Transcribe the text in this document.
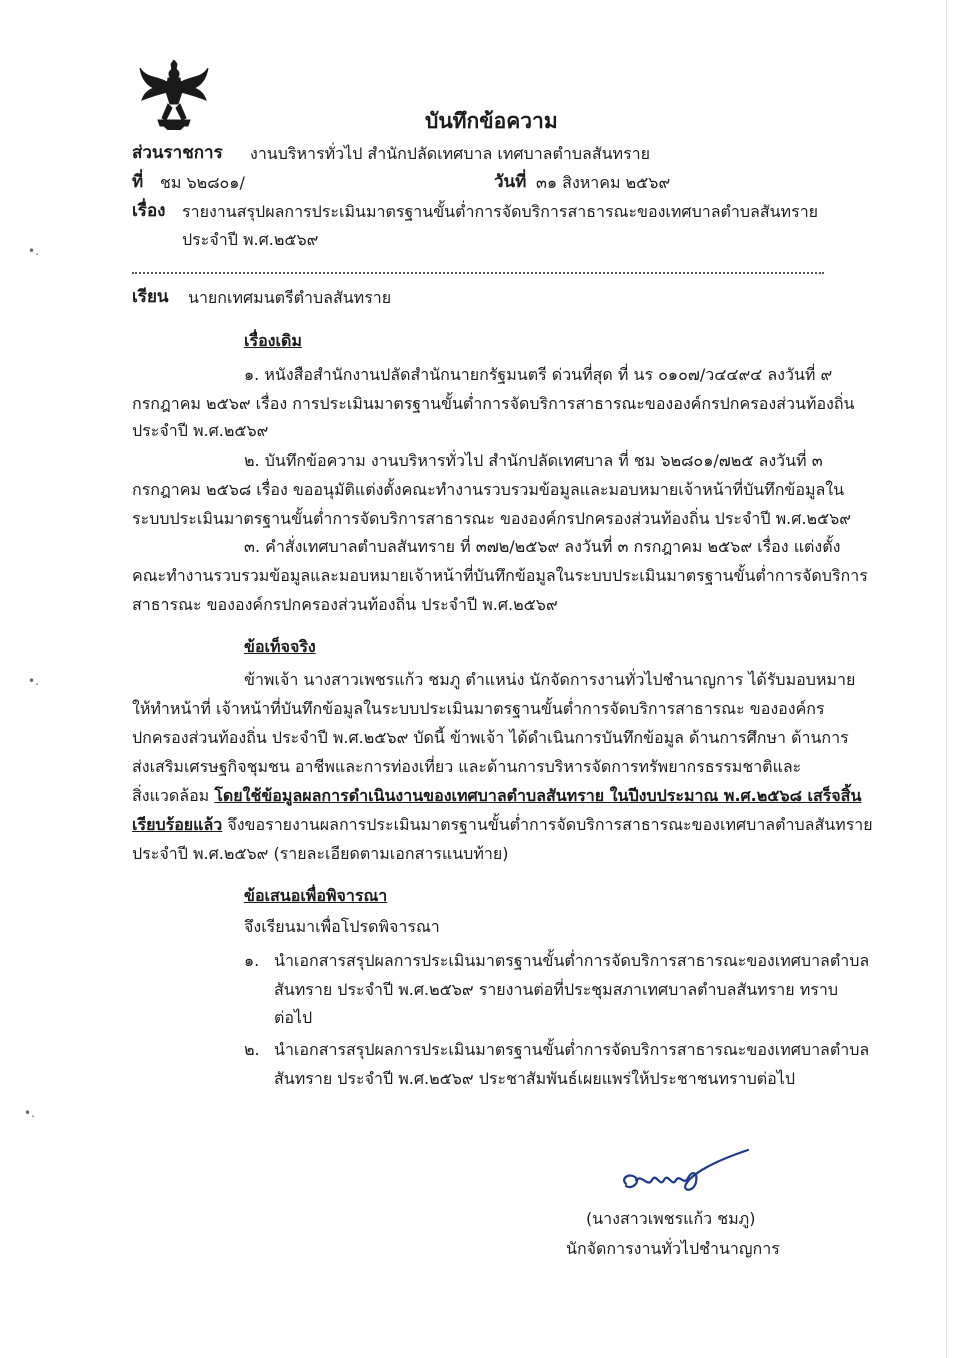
•.
•.
•.
บันทึกข้อความ
ส่วนราชการ งานบริหารทั่วไป สำนักปลัดเทศบาล เทศบาลตำบลสันทราย
ที่ ชม ๖๒๘๐๑/	วันที่ ๓๑ สิงหาคม ๒๕๖๙
เรื่อง รายงานสรุปผลการประเมินมาตรฐานขั้นต่ำการจัดบริการสาธารณะของเทศบาลตำบลสันทราย
ประจำปี พ.ศ.๒๕๖๙
เรียน นายกเทศมนตรีตำบลสันทราย
เรื่องเดิม
๑. หนังสือสำนักงานปลัดสำนักนายกรัฐมนตรี ด่วนที่สุด ที่ นร ๐๑๐๗/ว๔๔๙๔ ลงวันที่ ๙
กรกฎาคม ๒๕๖๙ เรื่อง การประเมินมาตรฐานขั้นต่ำการจัดบริการสาธารณะขององค์กรปกครองส่วนท้องถิ่น
ประจำปี พ.ศ.๒๕๖๙
๒. บันทึกข้อความ งานบริหารทั่วไป สำนักปลัดเทศบาล ที่ ชม ๖๒๘๐๑/๗๒๕ ลงวันที่ ๓
กรกฎาคม ๒๕๖๘ เรื่อง ขออนุมัติแต่งตั้งคณะทำงานรวบรวมข้อมูลและมอบหมายเจ้าหน้าที่บันทึกข้อมูลใน
ระบบประเมินมาตรฐานขั้นต่ำการจัดบริการสาธารณะ ขององค์กรปกครองส่วนท้องถิ่น ประจำปี พ.ศ.๒๕๖๙
๓. คำสั่งเทศบาลตำบลสันทราย ที่ ๓๗๒/๒๕๖๙ ลงวันที่ ๓ กรกฎาคม ๒๕๖๙ เรื่อง แต่งตั้ง
คณะทำงานรวบรวมข้อมูลและมอบหมายเจ้าหน้าที่บันทึกข้อมูลในระบบประเมินมาตรฐานขั้นต่ำการจัดบริการ
สาธารณะ ขององค์กรปกครองส่วนท้องถิ่น ประจำปี พ.ศ.๒๕๖๙
ข้อเท็จจริง
ข้าพเจ้า นางสาวเพชรแก้ว ชมภู ตำแหน่ง นักจัดการงานทั่วไปชำนาญการ ได้รับมอบหมาย
ให้ทำหน้าที่ เจ้าหน้าที่บันทึกข้อมูลในระบบประเมินมาตรฐานขั้นต่ำการจัดบริการสาธารณะ ขององค์กร
ปกครองส่วนท้องถิ่น ประจำปี พ.ศ.๒๕๖๙ บัดนี้ ข้าพเจ้า ได้ดำเนินการบันทึกข้อมูล ด้านการศึกษา ด้านการ
ส่งเสริมเศรษฐกิจชุมชน อาชีพและการท่องเที่ยว และด้านการบริหารจัดการทรัพยากรธรรมชาติและ
สิ่งแวดล้อม โดยใช้ข้อมูลผลการดำเนินงานของเทศบาลตำบลสันทราย ในปีงบประมาณ พ.ศ.๒๕๖๘ เสร็จสิ้น
เรียบร้อยแล้ว จึงขอรายงานผลการประเมินมาตรฐานขั้นต่ำการจัดบริการสาธารณะของเทศบาลตำบลสันทราย
ประจำปี พ.ศ.๒๕๖๙ (รายละเอียดตามเอกสารแนบท้าย)
ข้อเสนอเพื่อพิจารณา
จึงเรียนมาเพื่อโปรดพิจารณา
๑. นำเอกสารสรุปผลการประเมินมาตรฐานขั้นต่ำการจัดบริการสาธารณะของเทศบาลตำบล
สันทราย ประจำปี พ.ศ.๒๕๖๙ รายงานต่อที่ประชุมสภาเทศบาลตำบลสันทราย ทราบ
ต่อไป
๒. นำเอกสารสรุปผลการประเมินมาตรฐานขั้นต่ำการจัดบริการสาธารณะของเทศบาลตำบล
สันทราย ประจำปี พ.ศ.๒๕๖๙ ประชาสัมพันธ์เผยแพร่ให้ประชาชนทราบต่อไป
(นางสาวเพชรแก้ว ชมภู)
นักจัดการงานทั่วไปชำนาญการ
